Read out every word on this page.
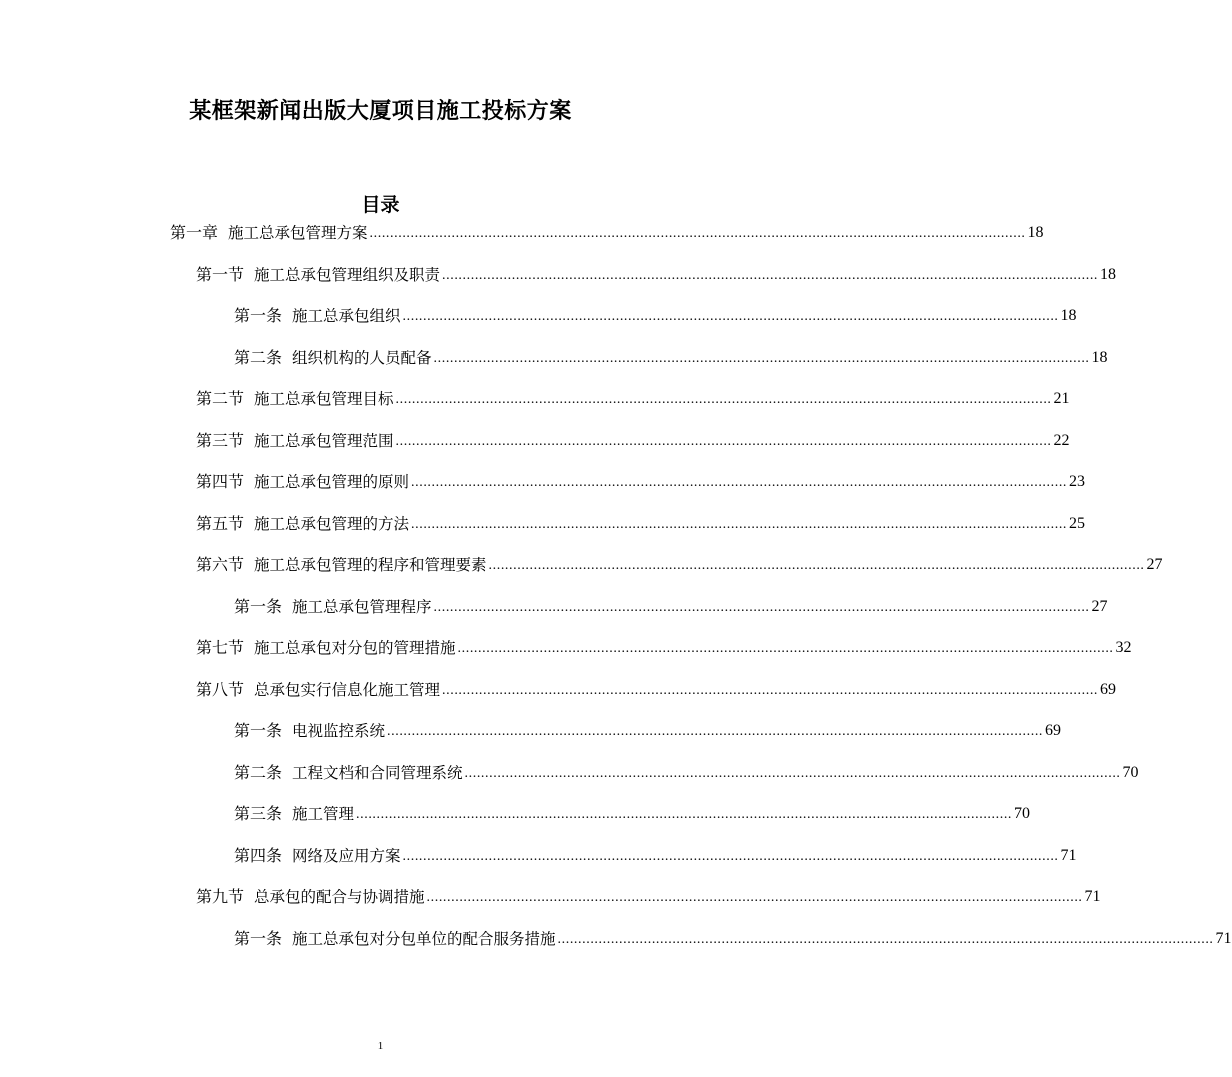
某框架新闻出版大厦项目施工投标方案
目录
第一章 施工总承包管理方案 ................................................................................................................................................................ 18
第一节 施工总承包管理组织及职责 ................................................................................................................................................................ 18
第一条 施工总承包组织 ................................................................................................................................................................ 18
第二条 组织机构的人员配备 ................................................................................................................................................................ 18
第二节 施工总承包管理目标 ................................................................................................................................................................ 21
第三节 施工总承包管理范围 ................................................................................................................................................................ 22
第四节 施工总承包管理的原则 ................................................................................................................................................................ 23
第五节 施工总承包管理的方法 ................................................................................................................................................................ 25
第六节 施工总承包管理的程序和管理要素 ................................................................................................................................................................ 27
第一条 施工总承包管理程序 ................................................................................................................................................................ 27
第七节 施工总承包对分包的管理措施 ................................................................................................................................................................ 32
第八节 总承包实行信息化施工管理 ................................................................................................................................................................ 69
第一条 电视监控系统 ................................................................................................................................................................ 69
第二条 工程文档和合同管理系统 ................................................................................................................................................................ 70
第三条 施工管理 ................................................................................................................................................................ 70
第四条 网络及应用方案 ................................................................................................................................................................ 71
第九节 总承包的配合与协调措施 ................................................................................................................................................................ 71
第一条 施工总承包对分包单位的配合服务措施 ................................................................................................................................................................ 71
1
